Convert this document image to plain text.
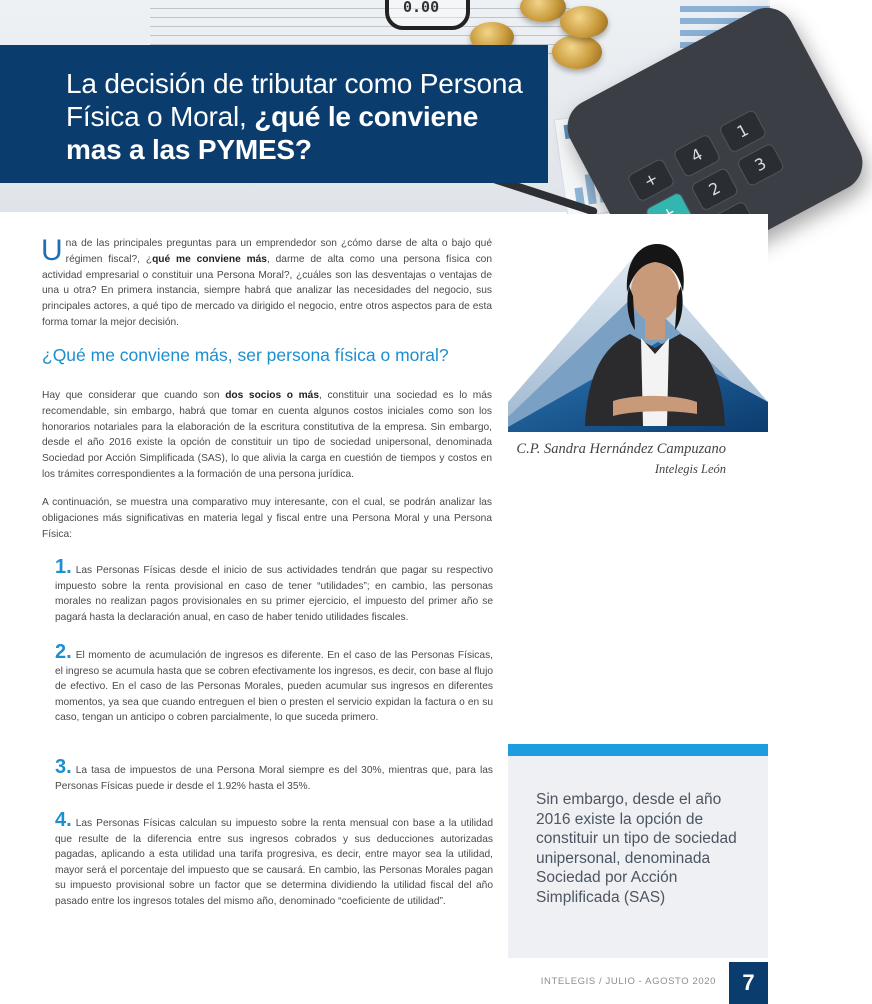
0.00
+
4
1
2
3
La decisión de tributar como Persona Física o Moral, ¿qué le conviene mas a las PYMES?
Una de las principales preguntas para un emprendedor son ¿cómo darse de alta o bajo qué régimen fiscal?, ¿qué me conviene más, darme de alta como una persona física con actividad empresarial o constituir una Persona Moral?, ¿cuáles son las desventajas o ventajas de una u otra? En primera instancia, siempre habrá que analizar las necesidades del negocio, sus principales actores, a qué tipo de mercado va dirigido el negocio, entre otros aspectos para de esta forma tomar la mejor decisión.
¿Qué me conviene más, ser persona física o moral?
Hay que considerar que cuando son dos socios o más, constituir una sociedad es lo más recomendable, sin embargo, habrá que tomar en cuenta algunos costos iniciales como son los honorarios notariales para la elaboración de la escritura constitutiva de la empresa. Sin embargo, desde el año 2016 existe la opción de constituir un tipo de sociedad unipersonal, denominada Sociedad por Acción Simplificada (SAS), lo que alivia la carga en cuestión de tiempos y costos en los trámites correspondientes a la formación de una persona jurídica.
A continuación, se muestra una comparativo muy interesante, con el cual, se podrán analizar las obligaciones más significativas en materia legal y fiscal entre una Persona Moral y una Persona Física:
1. Las Personas Físicas desde el inicio de sus actividades tendrán que pagar su respectivo impuesto sobre la renta provisional en caso de tener “utilidades”; en cambio, las personas morales no realizan pagos provisionales en su primer ejercicio, el impuesto del primer año se pagará hasta la declaración anual, en caso de haber tenido utilidades fiscales.
2. El momento de acumulación de ingresos es diferente. En el caso de las Personas Físicas, el ingreso se acumula hasta que se cobren efectivamente los ingresos, es decir, con base al flujo de efectivo. En el caso de las Personas Morales, pueden acumular sus ingresos en diferentes momentos, ya sea que cuando entreguen el bien o presten el servicio expidan la factura o en su caso, tengan un anticipo o cobren parcialmente, lo que suceda primero.
3. La tasa de impuestos de una Persona Moral siempre es del 30%, mientras que, para las Personas Físicas puede ir desde el 1.92% hasta el 35%.
4. Las Personas Físicas calculan su impuesto sobre la renta mensual con base a la utilidad que resulte de la diferencia entre sus ingresos cobrados y sus deducciones autorizadas pagadas, aplicando a esta utilidad una tarifa progresiva, es decir, entre mayor sea la utilidad, mayor será el porcentaje del impuesto que se causará. En cambio, las Personas Morales pagan su impuesto provisional sobre un factor que se determina dividiendo la utilidad fiscal del año pasado entre los ingresos totales del mismo año, denominado “coeficiente de utilidad”.
C.P. Sandra Hernández Campuzano
Intelegis León
Sin embargo, desde el año 2016 existe la opción de constituir un tipo de sociedad unipersonal, denominada Sociedad por Acción Simplificada (SAS)
INTELEGIS / JULIO - AGOSTO 2020	7
